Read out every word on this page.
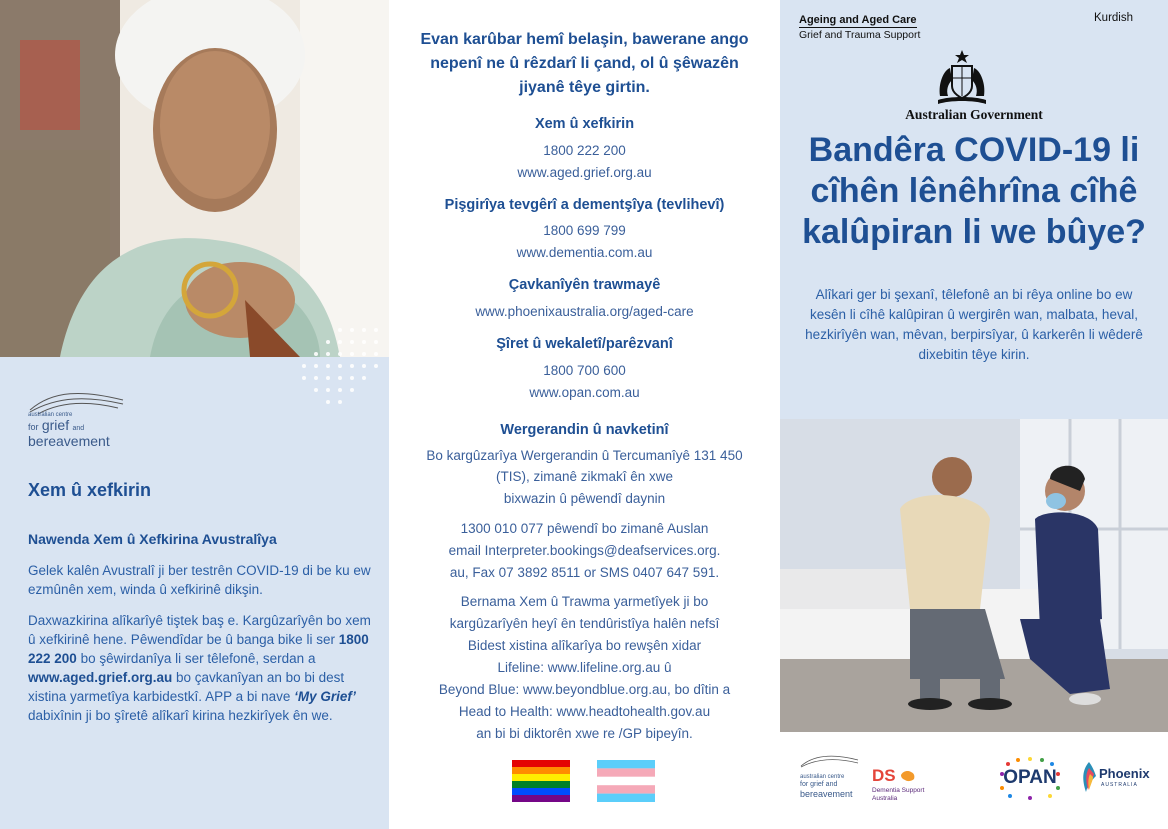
australian centre
for grief and
bereavement
Xem û xefkirin
Nawenda Xem û Xefkirina Avustralîya

Gelek kalên Avustralî ji ber testrên COVID-19 di be ku ew ezmûnên xem, winda û xefkirinê dikşin.

Daxwazkirina alîkarîyê tiştek baş e. Kargûzarîyên bo xem û xefkirinê hene. Pêwendîdar be û banga bike li ser 1800 222 200 bo şêwirdanîya li ser têlefonê, serdan a www.aged.grief.org.au bo çavkanîyan an bo bi dest xistina yarmetîya karbidestkî. APP a bi nave ‘My Grief’ dabixînin ji bo şîretê alîkarî kirina hezkirîyek ên we.

Evan karûbar hemî belaşin, bawerane ango nepenî ne û rêzdarî li çand, ol û şêwazên jiyanê têye girtin.
Xem û xefkirin
1800 222 200
www.aged.grief.org.au
Pişgirîya tevgêrî a dementşîya (tevlihevî)
1800 699 799
www.dementia.com.au
Çavkanîyên trawmayê
www.phoenixaustralia.org/aged-care
Şîret û wekaletî/parêzvanî
1800 700 600
www.opan.com.au
Wergerandin û navketinî
Bo kargûzarîya Wergerandin û Tercumanîyê 131 450
(TIS), zimanê zikmakî ên xwe
bixwazin û pêwendî daynin
1300 010 077 pêwendî bo zimanê Auslan
email Interpreter.bookings@deafservices.org.
au, Fax 07 3892 8511 or SMS 0407 647 591.
Bernama Xem û Trawma yarmetîyek ji bo
kargûzarîyên heyî ên tendûristîya halên nefsî
Bidest xistina alîkarîya bo rewşên xidar
Lifeline: www.lifeline.org.au û
Beyond Blue: www.beyondblue.org.au, bo dîtin a
Head to Health: www.headtohealth.gov.au
an bi bi diktorên xwe re /GP bipeyîn.
Ageing and Aged Care
Grief and Trauma Support
Kurdish
Australian Government
Bandêra COVID-19 li
cîhên lênêhrîna cîhê
kalûpiran li we bûye?
Alîkari ger bi şexanî, têlefonê an bi rêya online bo ew kesên li cîhê kalûpiran û wergirên wan, malbata, heval, hezkirîyên wan, mêvan, berpirsîyar, û karkerên li wêderê dixebitin têye kirin.
australian centre
for grief and
bereavement
DS  Dementia Support Australia
OPAN	Phoenix
AUSTRALIA
